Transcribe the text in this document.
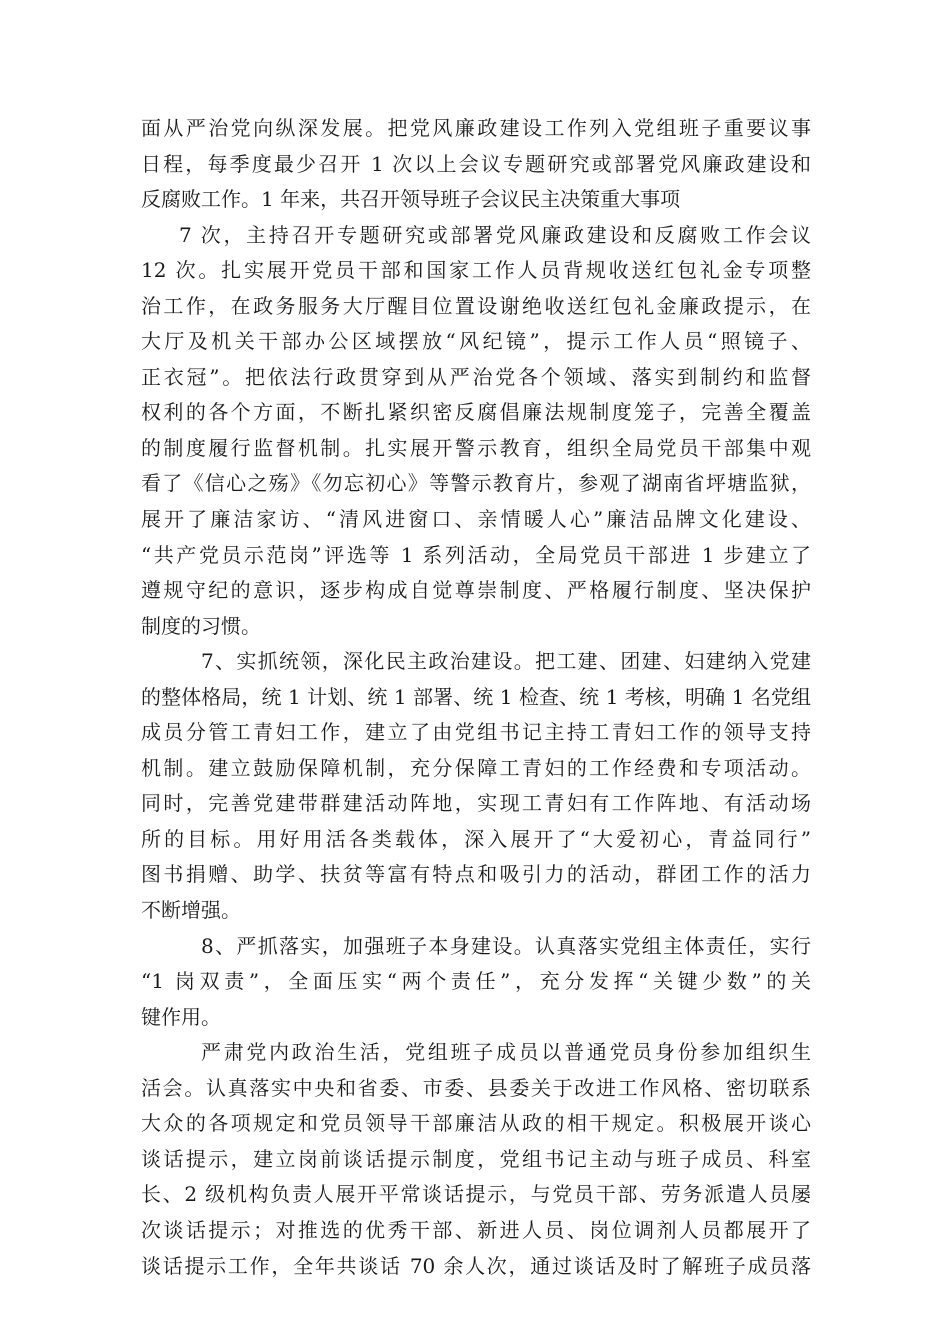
面从严治党向纵深发展。把党风廉政建设工作列入党组班子重要议事
日程，每季度最少召开 1 次以上会议专题研究或部署党风廉政建设和
反腐败工作。1 年来，共召开领导班子会议民主决策重大事项
7 次，主持召开专题研究或部署党风廉政建设和反腐败工作会议
12 次。扎实展开党员干部和国家工作人员背规收送红包礼金专项整
治工作，在政务服务大厅醒目位置设谢绝收送红包礼金廉政提示，在
大厅及机关干部办公区域摆放“风纪镜”，提示工作人员“照镜子、
正衣冠”。把依法行政贯穿到从严治党各个领域、落实到制约和监督
权利的各个方面，不断扎紧织密反腐倡廉法规制度笼子，完善全覆盖
的制度履行监督机制。扎实展开警示教育，组织全局党员干部集中观
看了《信心之殇》《勿忘初心》等警示教育片，参观了湖南省坪塘监狱，
展开了廉洁家访、“清风进窗口、亲情暖人心”廉洁品牌文化建设、
“共产党员示范岗”评选等 1 系列活动，全局党员干部进 1 步建立了
遵规守纪的意识，逐步构成自觉尊崇制度、严格履行制度、坚决保护
制度的习惯。
7、实抓统领，深化民主政治建设。把工建、团建、妇建纳入党建
的整体格局，统 1 计划、统 1 部署、统 1 检查、统 1 考核，明确 1 名党组
成员分管工青妇工作，建立了由党组书记主持工青妇工作的领导支持
机制。建立鼓励保障机制，充分保障工青妇的工作经费和专项活动。
同时，完善党建带群建活动阵地，实现工青妇有工作阵地、有活动场
所的目标。用好用活各类载体，深入展开了“大爱初心，青益同行”
图书捐赠、助学、扶贫等富有特点和吸引力的活动，群团工作的活力
不断增强。
8、严抓落实，加强班子本身建设。认真落实党组主体责任，实行
“1 岗双责”，全面压实“两个责任”，充分发挥“关键少数”的关
键作用。
严肃党内政治生活，党组班子成员以普通党员身份参加组织生
活会。认真落实中央和省委、市委、县委关于改进工作风格、密切联系
大众的各项规定和党员领导干部廉洁从政的相干规定。积极展开谈心
谈话提示，建立岗前谈话提示制度，党组书记主动与班子成员、科室
长、2 级机构负责人展开平常谈话提示，与党员干部、劳务派遣人员屡
次谈话提示；对推选的优秀干部、新进人员、岗位调剂人员都展开了
谈话提示工作，全年共谈话 70 余人次，通过谈话及时了解班子成员落
